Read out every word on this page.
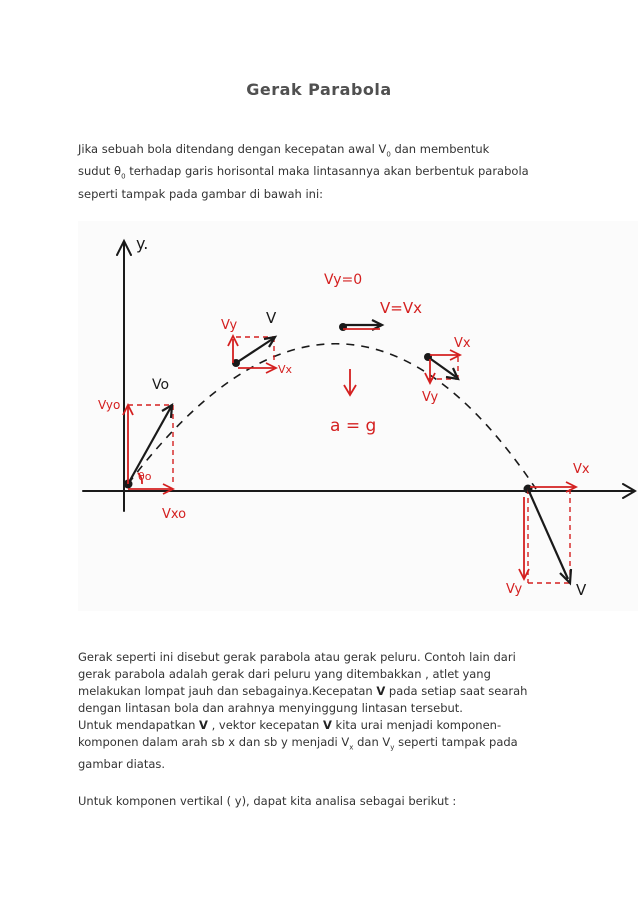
Gerak Parabola
Jika sebuah bola ditendang dengan kecepatan awal $V_0$ dan membentuk
sudut $\theta_0$ terhadap garis horisontal maka lintasannya akan berbentuk parabola
seperti tampak pada gambar di bawah ini:
Vo
Vyo
θo
Vxo
y.
Vy V
Vx
Vy=0
V=Vx
a = g
Vx
Vy
Vx
Vy	V
Gerak seperti ini disebut gerak parabola atau gerak peluru. Contoh lain dari
gerak parabola adalah gerak dari peluru yang ditembakkan , atlet yang
melakukan lompat jauh dan sebagainya.Kecepatan V pada setiap saat searah
dengan lintasan bola dan arahnya menyinggung lintasan tersebut.
Untuk mendapatkan V , vektor kecepatan V kita urai menjadi komponen-
komponen dalam arah sb x dan sb y menjadi $V_x$ dan $V_y$ seperti tampak pada
gambar diatas.
Untuk komponen vertikal ( y), dapat kita analisa sebagai berikut :
